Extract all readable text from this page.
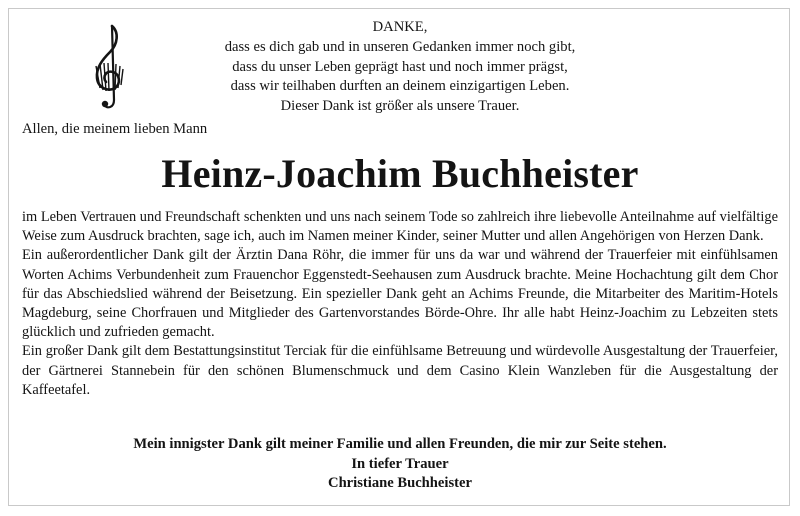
DANKE,
dass es dich gab und in unseren Gedanken immer noch gibt,
dass du unser Leben geprägt hast und noch immer prägst,
dass wir teilhaben durften an deinem einzigartigen Leben.
Dieser Dank ist größer als unsere Trauer.
Allen, die meinem lieben Mann
Heinz-Joachim Buchheister

im Leben Vertrauen und Freundschaft schenkten und uns nach seinem Tode so zahlreich ihre liebevolle Anteilnahme auf vielfältige Weise zum Ausdruck brachten, sage ich, auch im Namen meiner Kinder, seiner Mutter und allen Angehörigen von Herzen Dank.

Ein außerordentlicher Dank gilt der Ärztin Dana Röhr, die immer für uns da war und während der Trauerfeier mit einfühlsamen Worten Achims Verbundenheit zum Frauenchor Eggenstedt-Seehausen zum Ausdruck brachte. Meine Hochachtung gilt dem Chor für das Abschiedslied während der Beisetzung. Ein spezieller Dank geht an Achims Freunde, die Mitarbeiter des Maritim-Hotels Magdeburg, seine Chorfrauen und Mitglieder des Gartenvorstandes Börde-Ohre. Ihr alle habt Heinz-Joachim zu Lebzeiten stets glücklich und zufrieden gemacht.

Ein großer Dank gilt dem Bestattungsinstitut Terciak für die einfühlsame Betreuung und würdevolle Ausgestaltung der Trauerfeier, der Gärtnerei Stannebein für den schönen Blumenschmuck und dem Casino Klein Wanzleben für die Ausgestaltung der Kaffeetafel.

Mein innigster Dank gilt meiner Familie und allen Freunden, die mir zur Seite stehen.
In tiefer Trauer
Christiane Buchheister
